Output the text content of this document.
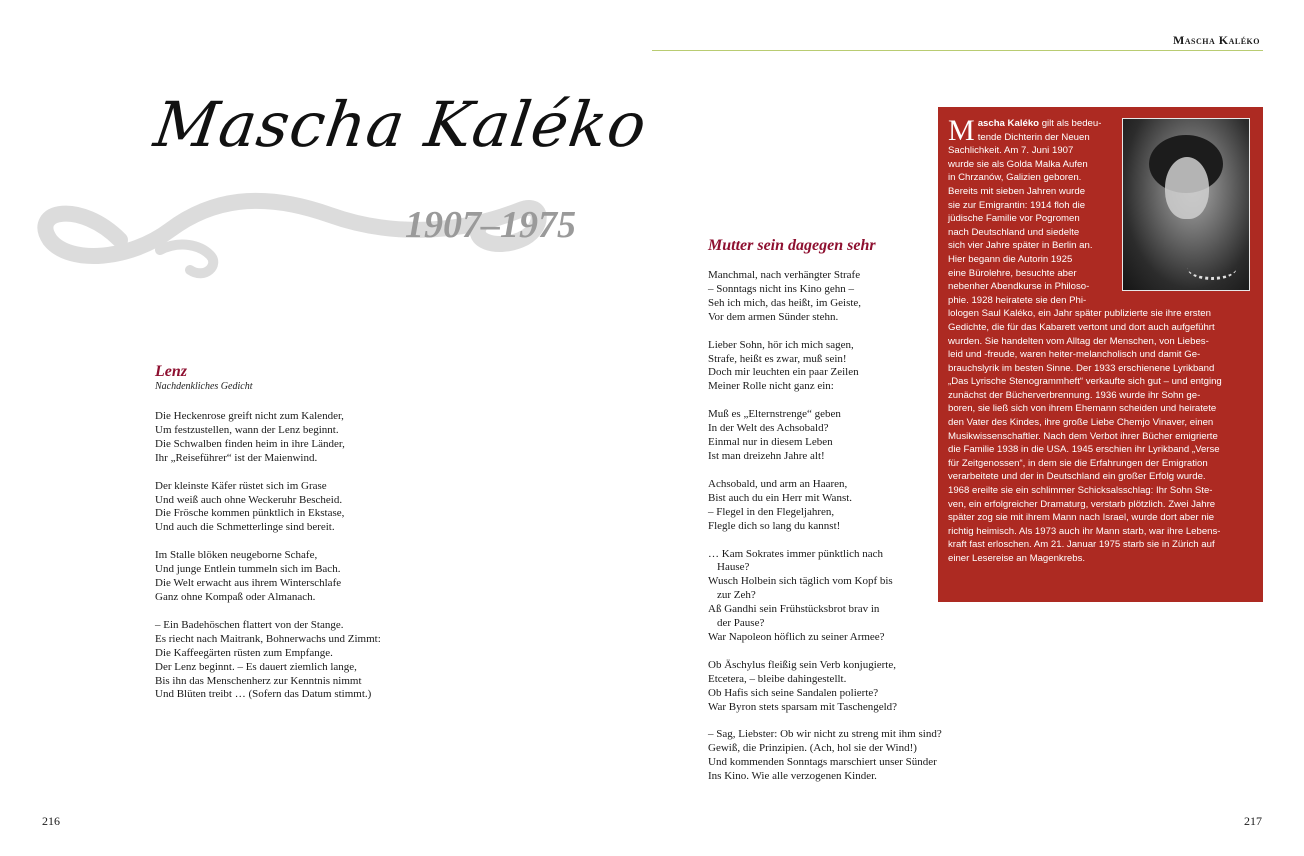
Mascha Kaléko
Mascha Kaléko
1907–1975
Lenz
Nachdenkliches Gedicht
Die Heckenrose greift nicht zum Kalender,
Um festzustellen, wann der Lenz beginnt.
Die Schwalben finden heim in ihre Länder,
Ihr „Reiseführer“ ist der Maienwind.
Der kleinste Käfer rüstet sich im Grase
Und weiß auch ohne Weckeruhr Bescheid.
Die Frösche kommen pünktlich in Ekstase,
Und auch die Schmetterlinge sind bereit.
Im Stalle blöken neugeborne Schafe,
Und junge Entlein tummeln sich im Bach.
Die Welt erwacht aus ihrem Winterschlafe
Ganz ohne Kompaß oder Almanach.
– Ein Badehöschen flattert von der Stange.
Es riecht nach Maitrank, Bohnerwachs und Zimmt:
Die Kaffeegärten rüsten zum Empfange.
Der Lenz beginnt. – Es dauert ziemlich lange,
Bis ihn das Menschenherz zur Kenntnis nimmt
Und Blüten treibt … (Sofern das Datum stimmt.)
Mutter sein dagegen sehr
Manchmal, nach verhängter Strafe
– Sonntags nicht ins Kino gehn –
Seh ich mich, das heißt, im Geiste,
Vor dem armen Sünder stehn.
Lieber Sohn, hör ich mich sagen,
Strafe, heißt es zwar, muß sein!
Doch mir leuchten ein paar Zeilen
Meiner Rolle nicht ganz ein:
Muß es „Elternstrenge“ geben
In der Welt des Achsobald?
Einmal nur in diesem Leben
Ist man dreizehn Jahre alt!
Achsobald, und arm an Haaren,
Bist auch du ein Herr mit Wanst.
– Flegel in den Flegeljahren,
Flegle dich so lang du kannst!
… Kam Sokrates immer pünktlich nach
Hause?
Wusch Holbein sich täglich vom Kopf bis
zur Zeh?
Aß Gandhi sein Frühstücksbrot brav in
der Pause?
War Napoleon höflich zu seiner Armee?
Ob Äschylus fleißig sein Verb konjugierte,
Etcetera, – bleibe dahingestellt.
Ob Hafis sich seine Sandalen polierte?
War Byron stets sparsam mit Taschengeld?
– Sag, Liebster: Ob wir nicht zu streng mit ihm sind?
Gewiß, die Prinzipien. (Ach, hol sie der Wind!)
Und kommenden Sonntags marschiert unser Sünder
Ins Kino. Wie alle verzogenen Kinder.
Mascha Kaléko gilt als bedeu-
tende Dichterin der Neuen
Sachlichkeit. Am 7. Juni 1907
wurde sie als Golda Malka Aufen
in Chrzanów, Galizien geboren.
Bereits mit sieben Jahren wurde
sie zur Emigrantin: 1914 floh die
jüdische Familie vor Pogromen
nach Deutschland und siedelte
sich vier Jahre später in Berlin an.
Hier begann die Autorin 1925
eine Bürolehre, besuchte aber
nebenher Abendkurse in Philoso-
phie. 1928 heiratete sie den Phi-
lologen Saul Kaléko, ein Jahr später publizierte sie ihre ersten
Gedichte, die für das Kabarett vertont und dort auch aufgeführt
wurden. Sie handelten vom Alltag der Menschen, von Liebes-
leid und -freude, waren heiter-melancholisch und damit Ge-
brauchslyrik im besten Sinne. Der 1933 erschienene Lyrikband
„Das Lyrische Stenogrammheft“ verkaufte sich gut – und entging
zunächst der Bücherverbrennung. 1936 wurde ihr Sohn ge-
boren, sie ließ sich von ihrem Ehemann scheiden und heiratete
den Vater des Kindes, ihre große Liebe Chemjo Vinaver, einen
Musikwissenschaftler. Nach dem Verbot ihrer Bücher emigrierte
die Familie 1938 in die USA. 1945 erschien ihr Lyrikband „Verse
für Zeitgenossen“, in dem sie die Erfahrungen der Emigration
verarbeitete und der in Deutschland ein großer Erfolg wurde.
1968 ereilte sie ein schlimmer Schicksalsschlag: Ihr Sohn Ste-
ven, ein erfolgreicher Dramaturg, verstarb plötzlich. Zwei Jahre
später zog sie mit ihrem Mann nach Israel, wurde dort aber nie
richtig heimisch. Als 1973 auch ihr Mann starb, war ihre Lebens-
kraft fast erloschen. Am 21. Januar 1975 starb sie in Zürich auf
einer Lesereise an Magenkrebs.
216	217
